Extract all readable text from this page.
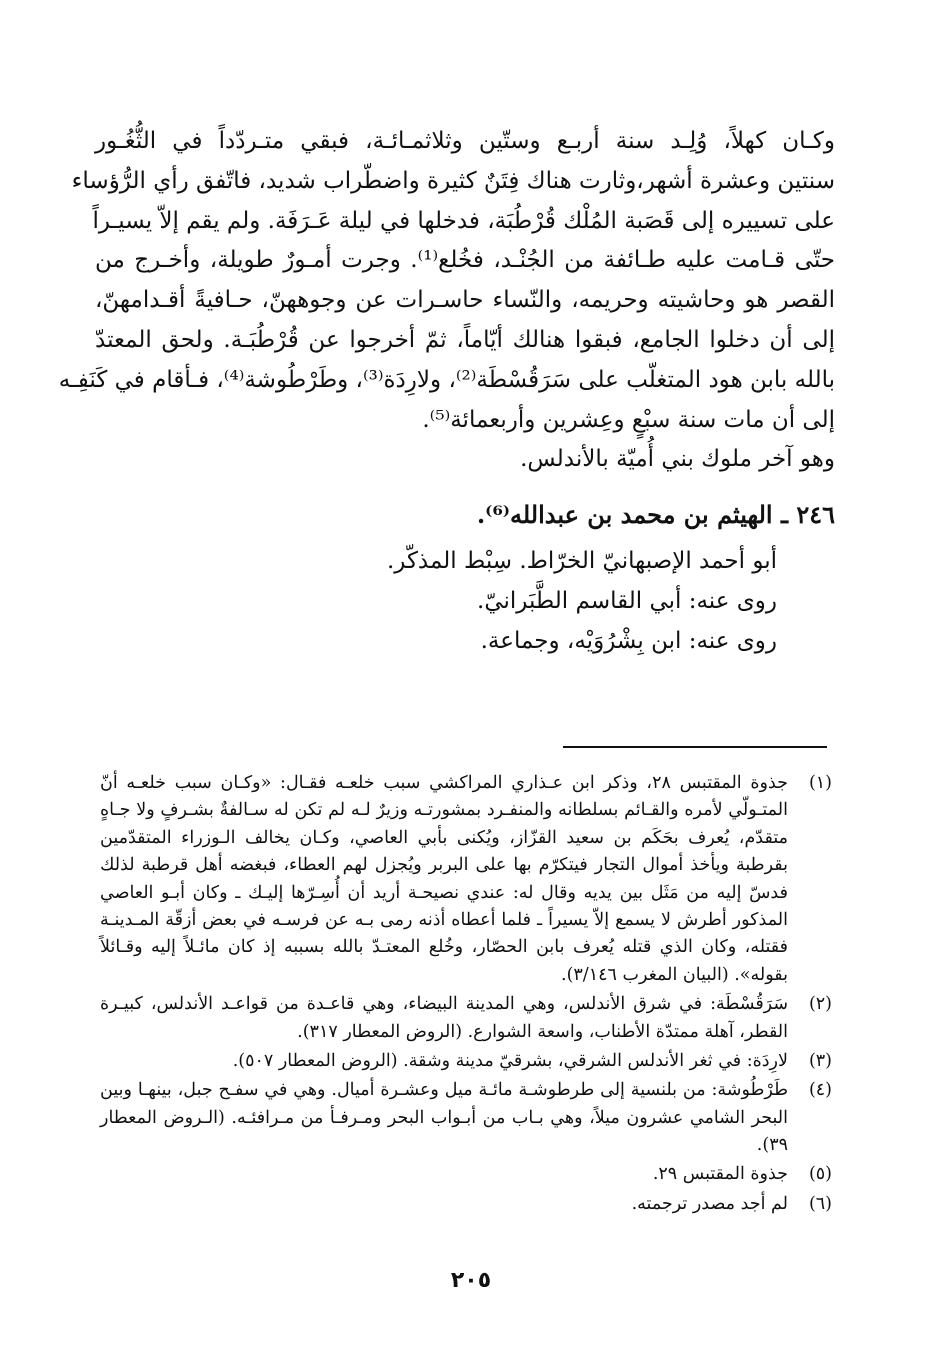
وكـان كهلاً، وُلِـد سنة أربـع وستّين وثلاثمـائـة، فبقي متـردّداً في الثُّغُـور
سنتين وعشرة أشهر،وثارت هناك فِتَنٌ كثيرة واضطّراب شديد، فاتّفق رأي الرُّؤساء
على تسييره إلى قَصَبة المُلْك قُرْطُبَة، فدخلها في ليلة عَـرَفَة. ولم يقم إلاّ يسيـراً
حتّى قـامت عليه طـائفة من الجُنْـد، فخُلع⁽¹⁾. وجرت أمـورٌ طويلة، وأخـرج من
القصر هو وحاشيته وحريمه، والنّساء حاسـرات عن وجوههنّ، حـافيةً أقـدامهنّ،
إلى أن دخلوا الجامع، فبقوا هنالك أيّاماً، ثمّ أخرجوا عن قُرْطُبَـة. ولحق المعتدّ
بالله بابن هود المتغلّب على سَرَقُسْطَة⁽²⁾، ولارِدَة⁽³⁾، وطَرْطُوشة⁽⁴⁾، فـأقام في كَنَفِـه
إلى أن مات سنة سبْعٍ وعِشرين وأربعمائة⁽⁵⁾.
وهو آخر ملوك بني أُميّة بالأندلس.
٢٤٦ ـ الهيثم بن محمد بن عبدالله⁽⁶⁾.
أبو أحمد الإصبهانيّ الخرّاط. سِبْط المذكّر.
روى عنه: أبي القاسم الطَّبَرانيّ.
روى عنه: ابن بِشْرُوَيْه، وجماعة.
(١)
جذوة المقتبس ٢٨، وذكر ابن عـذاري المراكشي سبب خلعـه فقـال: «وكـان سبب خلعـه أنّ
المتـولّي لأمره والقـائم بسلطانه والمنفـرد بمشورتـه وزيرٌ لـه لم تكن له سـالفةٌ بشـرفٍ ولا جـاهٍ
متقدّم، يُعرف بحَكَم بن سعيد القزّاز، ويُكنى بأبي العاصي، وكـان يخالف الـوزراء المتقدّمين
بقرطبة ويأخذ أموال التجار فيتكرّم بها على البربر ويُجزل لهم العطاء، فبغضه أهل قرطبة لذلك
فدسّ إليه من مَثَل بين يديه وقال له: عندي نصيحـة أريد أن أُسِـرّها إليـك ـ وكان أبـو العاصي
المذكور أطرش لا يسمع إلاّ يسيراً ـ فلما أعطاه أذنه رمى بـه عن فرسـه في بعض أزقّة المـدينـة
فقتله، وكان الذي قتله يُعرف بابن الحصّار، وخُلع المعتـدّ بالله بسببه إذ كان مائـلاً إليه وقـائلاً
بقوله». (البيان المغرب ٣/١٤٦).
(٢)
سَرَقُسْطَة: في شرق الأندلس، وهي المدينة البيضاء، وهي قاعـدة من قواعـد الأندلس، كبيـرة
القطر، آهلة ممتدّة الأطناب، واسعة الشوارع. (الروض المعطار ٣١٧).
(٣)
لارِدَة: في ثغر الأندلس الشرقي، بشرقيّ مدينة وشقة. (الروض المعطار ٥٠٧).
(٤)
طَرْطُوشة: من بلنسية إلى طرطوشـة مائـة ميل وعشـرة أميال. وهي في سفـح جبل، بينهـا وبين
البحر الشامي عشرون ميلاً، وهي بـاب من أبـواب البحر ومـرفـأ من مـرافئـه. (الـروض المعطار
٣٩).
(٥)
جذوة المقتبس ٢٩.
(٦)
لم أجد مصدر ترجمته.
٢٠٥
